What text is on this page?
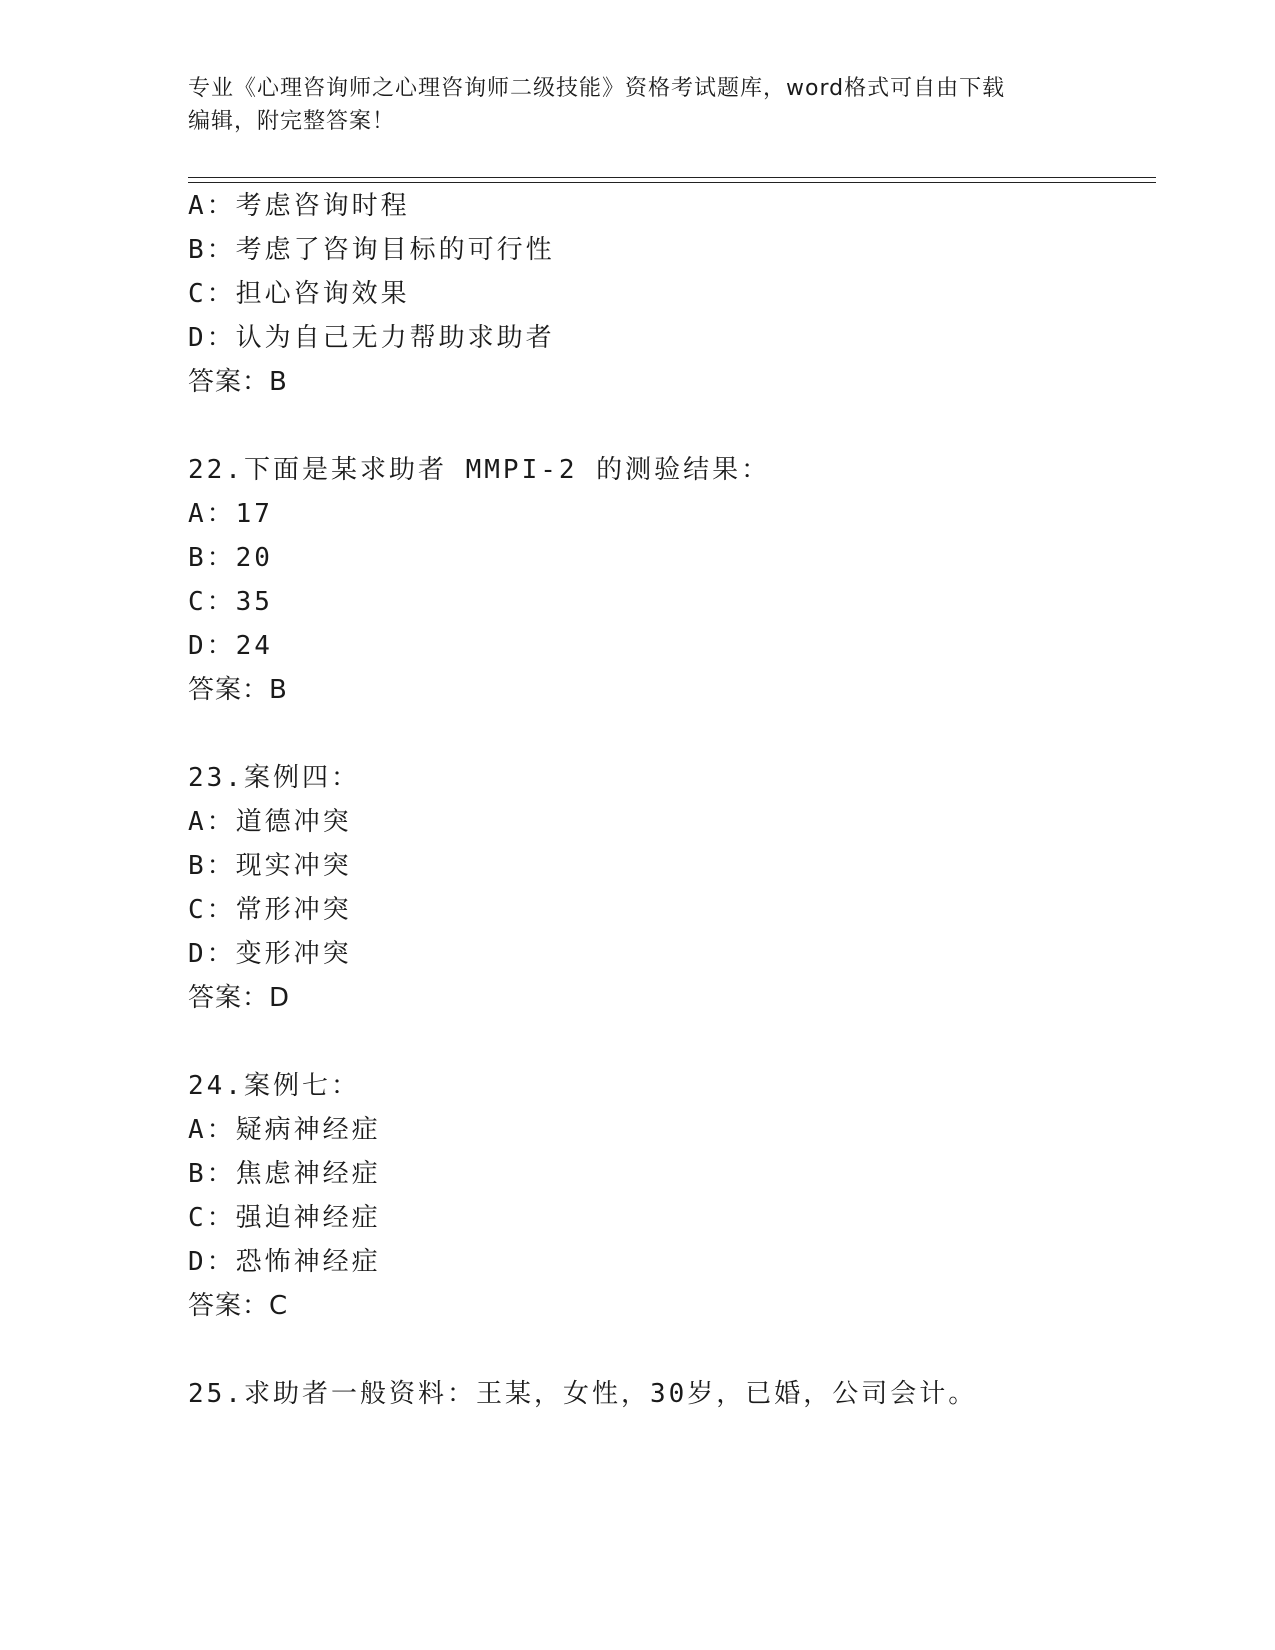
专业《心理咨询师之心理咨询师二级技能》资格考试题库，word格式可自由下载
编辑，附完整答案！
A：考虑咨询时程
B：考虑了咨询目标的可行性
C：担心咨询效果
D：认为自己无力帮助求助者
答案：B
22.下面是某求助者 MMPI-2 的测验结果：
A：17
B：20
C：35
D：24
答案：B
23.案例四：
A：道德冲突
B：现实冲突
C：常形冲突
D：变形冲突
答案：D
24.案例七：
A：疑病神经症
B：焦虑神经症
C：强迫神经症
D：恐怖神经症
答案：C
25.求助者一般资料：王某，女性，30岁，已婚，公司会计。
